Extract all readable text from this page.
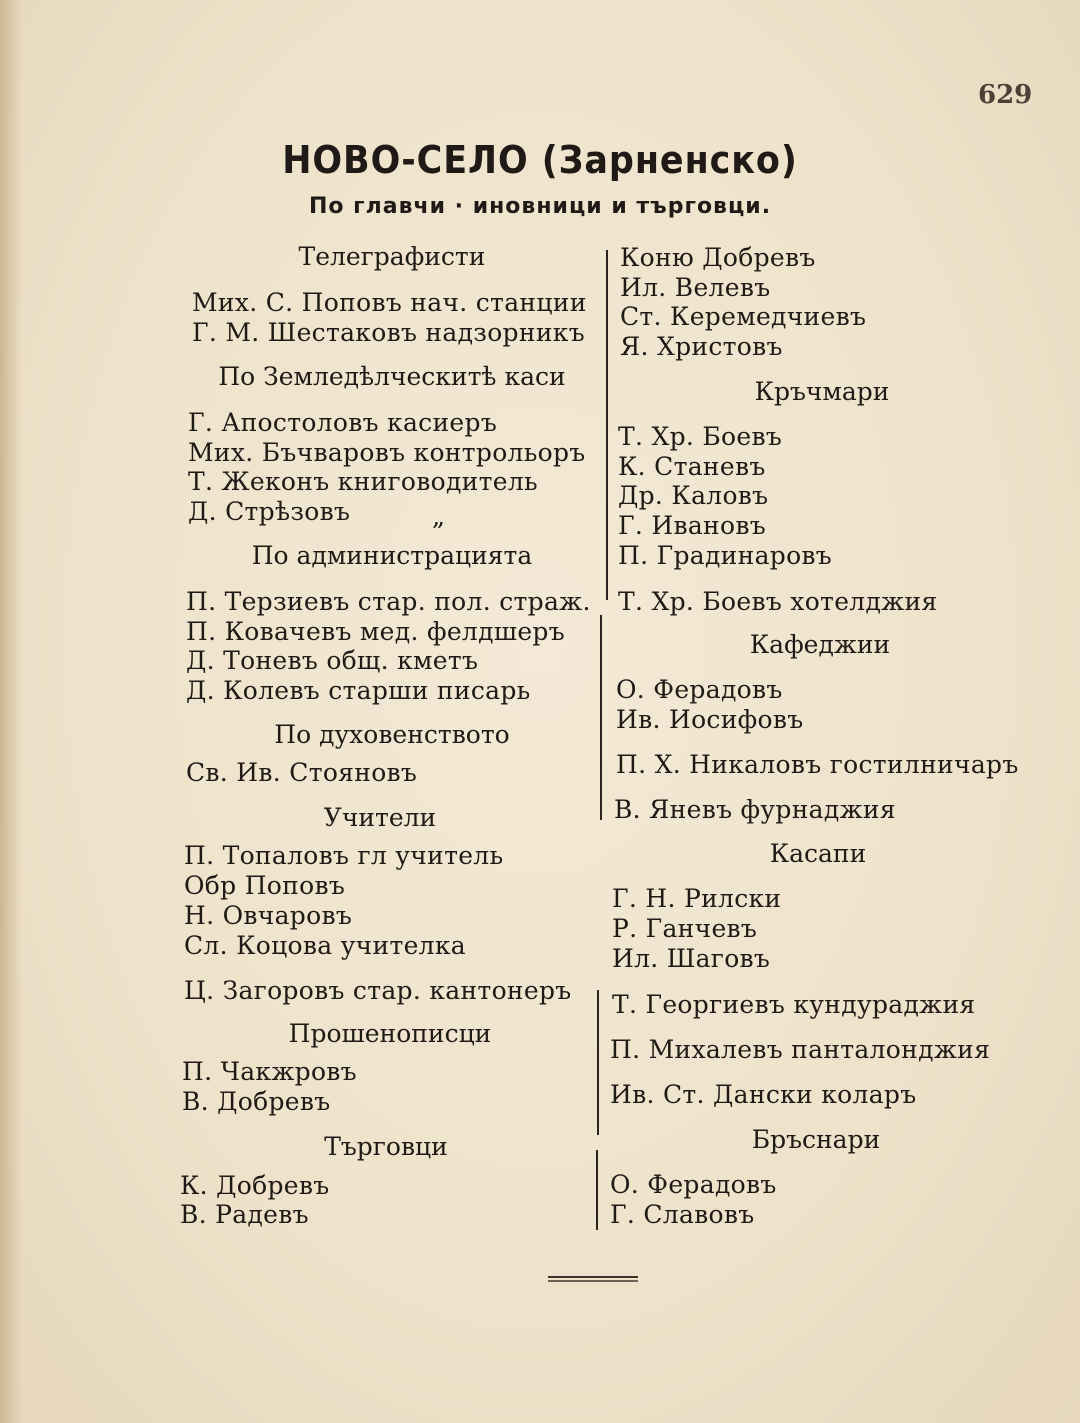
629
НОВО-СЕЛО (Зарненско)
По главчи · иновници и търговци.
Телеграфисти
Мих. С. Поповъ нач. станции
Г. М. Шестаковъ надзорникъ
По Земледѣлческитѣ каси
Г. Апостоловъ касиеръ
Мих. Бъчваровъ контрольоръ
Т. Жеконъ книговодитель
Д. Стрѣзовъ	„
По администрацията
П. Терзиевъ стар. пол. страж.
П. Ковачевъ мед. фелдшеръ
Д. Тоневъ общ. кметъ
Д. Колевъ старши писарь
По духовенството
Св. Ив. Стояновъ
Учители
П. Топаловъ гл учитель
Обр Поповъ
Н. Овчаровъ
Сл. Коцова учителка
Ц. Загоровъ стар. кантонеръ
Прошенописци
П. Чакжровъ
В. Добревъ
Търговци
К. Добревъ
В. Радевъ
Коню Добревъ
Ил. Велевъ
Ст. Керемедчиевъ
Я. Христовъ
Кръчмари
Т. Хр. Боевъ
К. Станевъ
Др. Каловъ
Г. Ивановъ
П. Градинаровъ
Т. Хр. Боевъ хотелджия
Кафеджии
О. Ферадовъ
Ив. Иосифовъ
П. Х. Никаловъ гостилничаръ
В. Яневъ фурнаджия
Касапи
Г. Н. Рилски
Р. Ганчевъ
Ил. Шаговъ
Т. Георгиевъ кундураджия
П. Михалевъ панталонджия
Ив. Ст. Дански коларъ
Бръснари
О. Ферадовъ
Г. Славовъ
